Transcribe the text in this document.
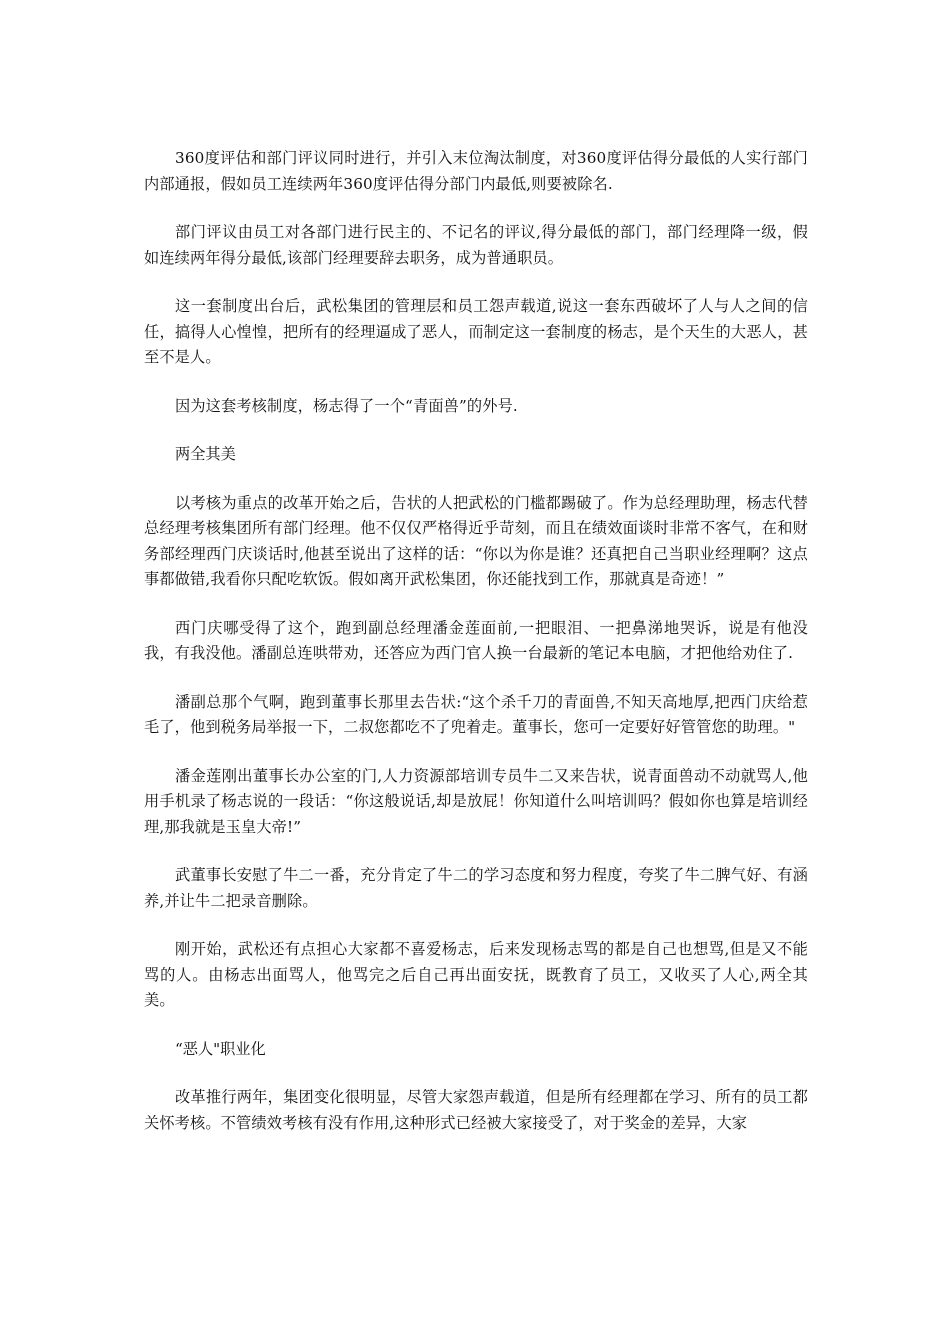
360度评估和部门评议同时进行，并引入末位淘汰制度，对360度评估得分最低的人实行部门内部通报，假如员工连续两年360度评估得分部门内最低,则要被除名.

部门评议由员工对各部门进行民主的、不记名的评议,得分最低的部门，部门经理降一级，假如连续两年得分最低,该部门经理要辞去职务，成为普通职员。

这一套制度出台后，武松集团的管理层和员工怨声载道,说这一套东西破坏了人与人之间的信任，搞得人心惶惶，把所有的经理逼成了恶人，而制定这一套制度的杨志，是个天生的大恶人，甚至不是人。

因为这套考核制度，杨志得了一个“青面兽”的外号.

两全其美

以考核为重点的改革开始之后，告状的人把武松的门槛都踢破了。作为总经理助理，杨志代替总经理考核集团所有部门经理。他不仅仅严格得近乎苛刻，而且在绩效面谈时非常不客气，在和财务部经理西门庆谈话时,他甚至说出了这样的话：“你以为你是谁？还真把自己当职业经理啊？这点事都做错,我看你只配吃软饭。假如离开武松集团，你还能找到工作，那就真是奇迹！”

西门庆哪受得了这个，跑到副总经理潘金莲面前,一把眼泪、一把鼻涕地哭诉，说是有他没我，有我没他。潘副总连哄带劝，还答应为西门官人换一台最新的笔记本电脑，才把他给劝住了.

潘副总那个气啊，跑到董事长那里去告状:“这个杀千刀的青面兽,不知天高地厚,把西门庆给惹毛了，他到税务局举报一下，二叔您都吃不了兜着走。董事长，您可一定要好好管管您的助理。"

潘金莲刚出董事长办公室的门,人力资源部培训专员牛二又来告状，说青面兽动不动就骂人,他用手机录了杨志说的一段话：“你这般说话,却是放屁！你知道什么叫培训吗？假如你也算是培训经理,那我就是玉皇大帝!”

武董事长安慰了牛二一番，充分肯定了牛二的学习态度和努力程度，夸奖了牛二脾气好、有涵养,并让牛二把录音删除。

刚开始，武松还有点担心大家都不喜爱杨志，后来发现杨志骂的都是自己也想骂,但是又不能骂的人。由杨志出面骂人，他骂完之后自己再出面安抚，既教育了员工，又收买了人心,两全其美。

“恶人"职业化

改革推行两年，集团变化很明显，尽管大家怨声载道，但是所有经理都在学习、所有的员工都关怀考核。不管绩效考核有没有作用,这种形式已经被大家接受了，对于奖金的差异，大家
